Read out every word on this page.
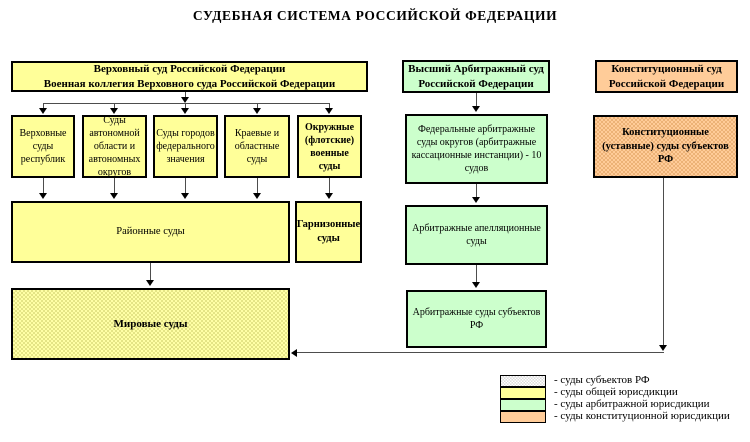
СУДЕБНАЯ СИСТЕМА РОССИЙСКОЙ ФЕДЕРАЦИИ
Верховный суд Российской Федерации
Военная коллегия Верховного суда Российской Федерации
Верховные суды республик
Суды автономной области и автономных округов
Суды городов федерального значения
Краевые и областные суды
Окружные (флотские) военные суды
Районные суды
Гарнизонные суды
Мировые суды
Высший Арбитражный суд
Российской Федерации
Федеральные арбитражные суды округов (арбитражные кассационные инстанции) - 10 судов
Арбитражные апелляционные суды
Арбитражные суды субъектов РФ
Конституционный суд
Российской Федерации
Конституционные (уставные) суды субъектов РФ
- суды субъектов РФ
- суды общей юрисдикции
- суды арбитражной юрисдикции
- суды конституционной юрисдикции
